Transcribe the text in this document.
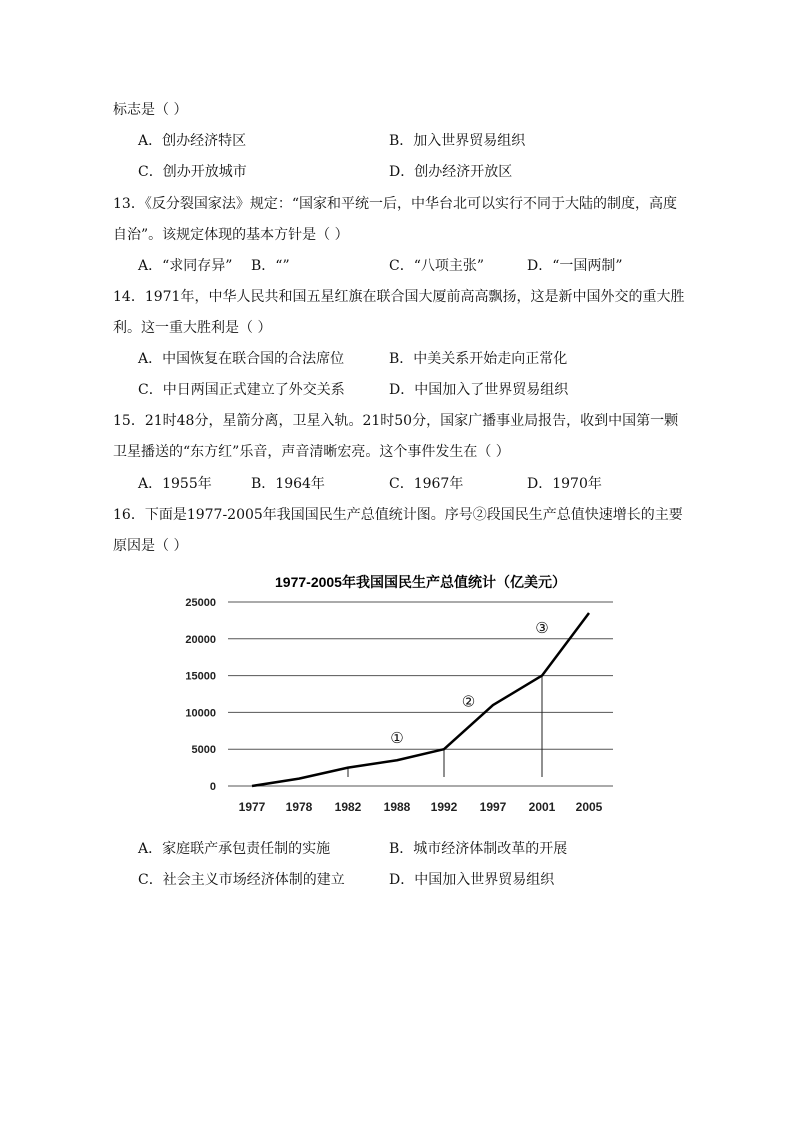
标志是（ ）
13．《反分裂国家法》规定：“国家和平统一后，中华台北可以实行不同于大陆的制度，高度
自治”。该规定体现的基本方针是（ ）
14．1971年，中华人民共和国五星红旗在联合国大厦前高高飘扬，这是新中国外交的重大胜
利。这一重大胜利是（ ）
15．21时48分，星箭分离，卫星入轨。21时50分，国家广播事业局报告，收到中国第一颗
卫星播送的“东方红”乐音，声音清晰宏亮。这个事件发生在（ ）
16．下面是1977-2005年我国国民生产总值统计图。序号②段国民生产总值快速增长的主要
原因是（ ）
A．创办经济特区	B．加入世界贸易组织
C．创办开放城市	D．创办经济开放区
A．“求同存异” B．“”	C．“八项主张”	D．“一国两制”
A．中国恢复在联合国的合法席位	B．中美关系开始走向正常化
C．中日两国正式建立了外交关系	D．中国加入了世界贸易组织
A．1955年	B．1964年	C．1967年	D．1970年
A．家庭联产承包责任制的实施	B．城市经济体制改革的开展
C．社会主义市场经济体制的建立	D．中国加入世界贸易组织
1977-2005年我国国民生产总值统计（亿美元）
0
5000
10000
15000
20000
25000
1977 1978 1982 1988 1992 1997 2001 2005
①
②
③
